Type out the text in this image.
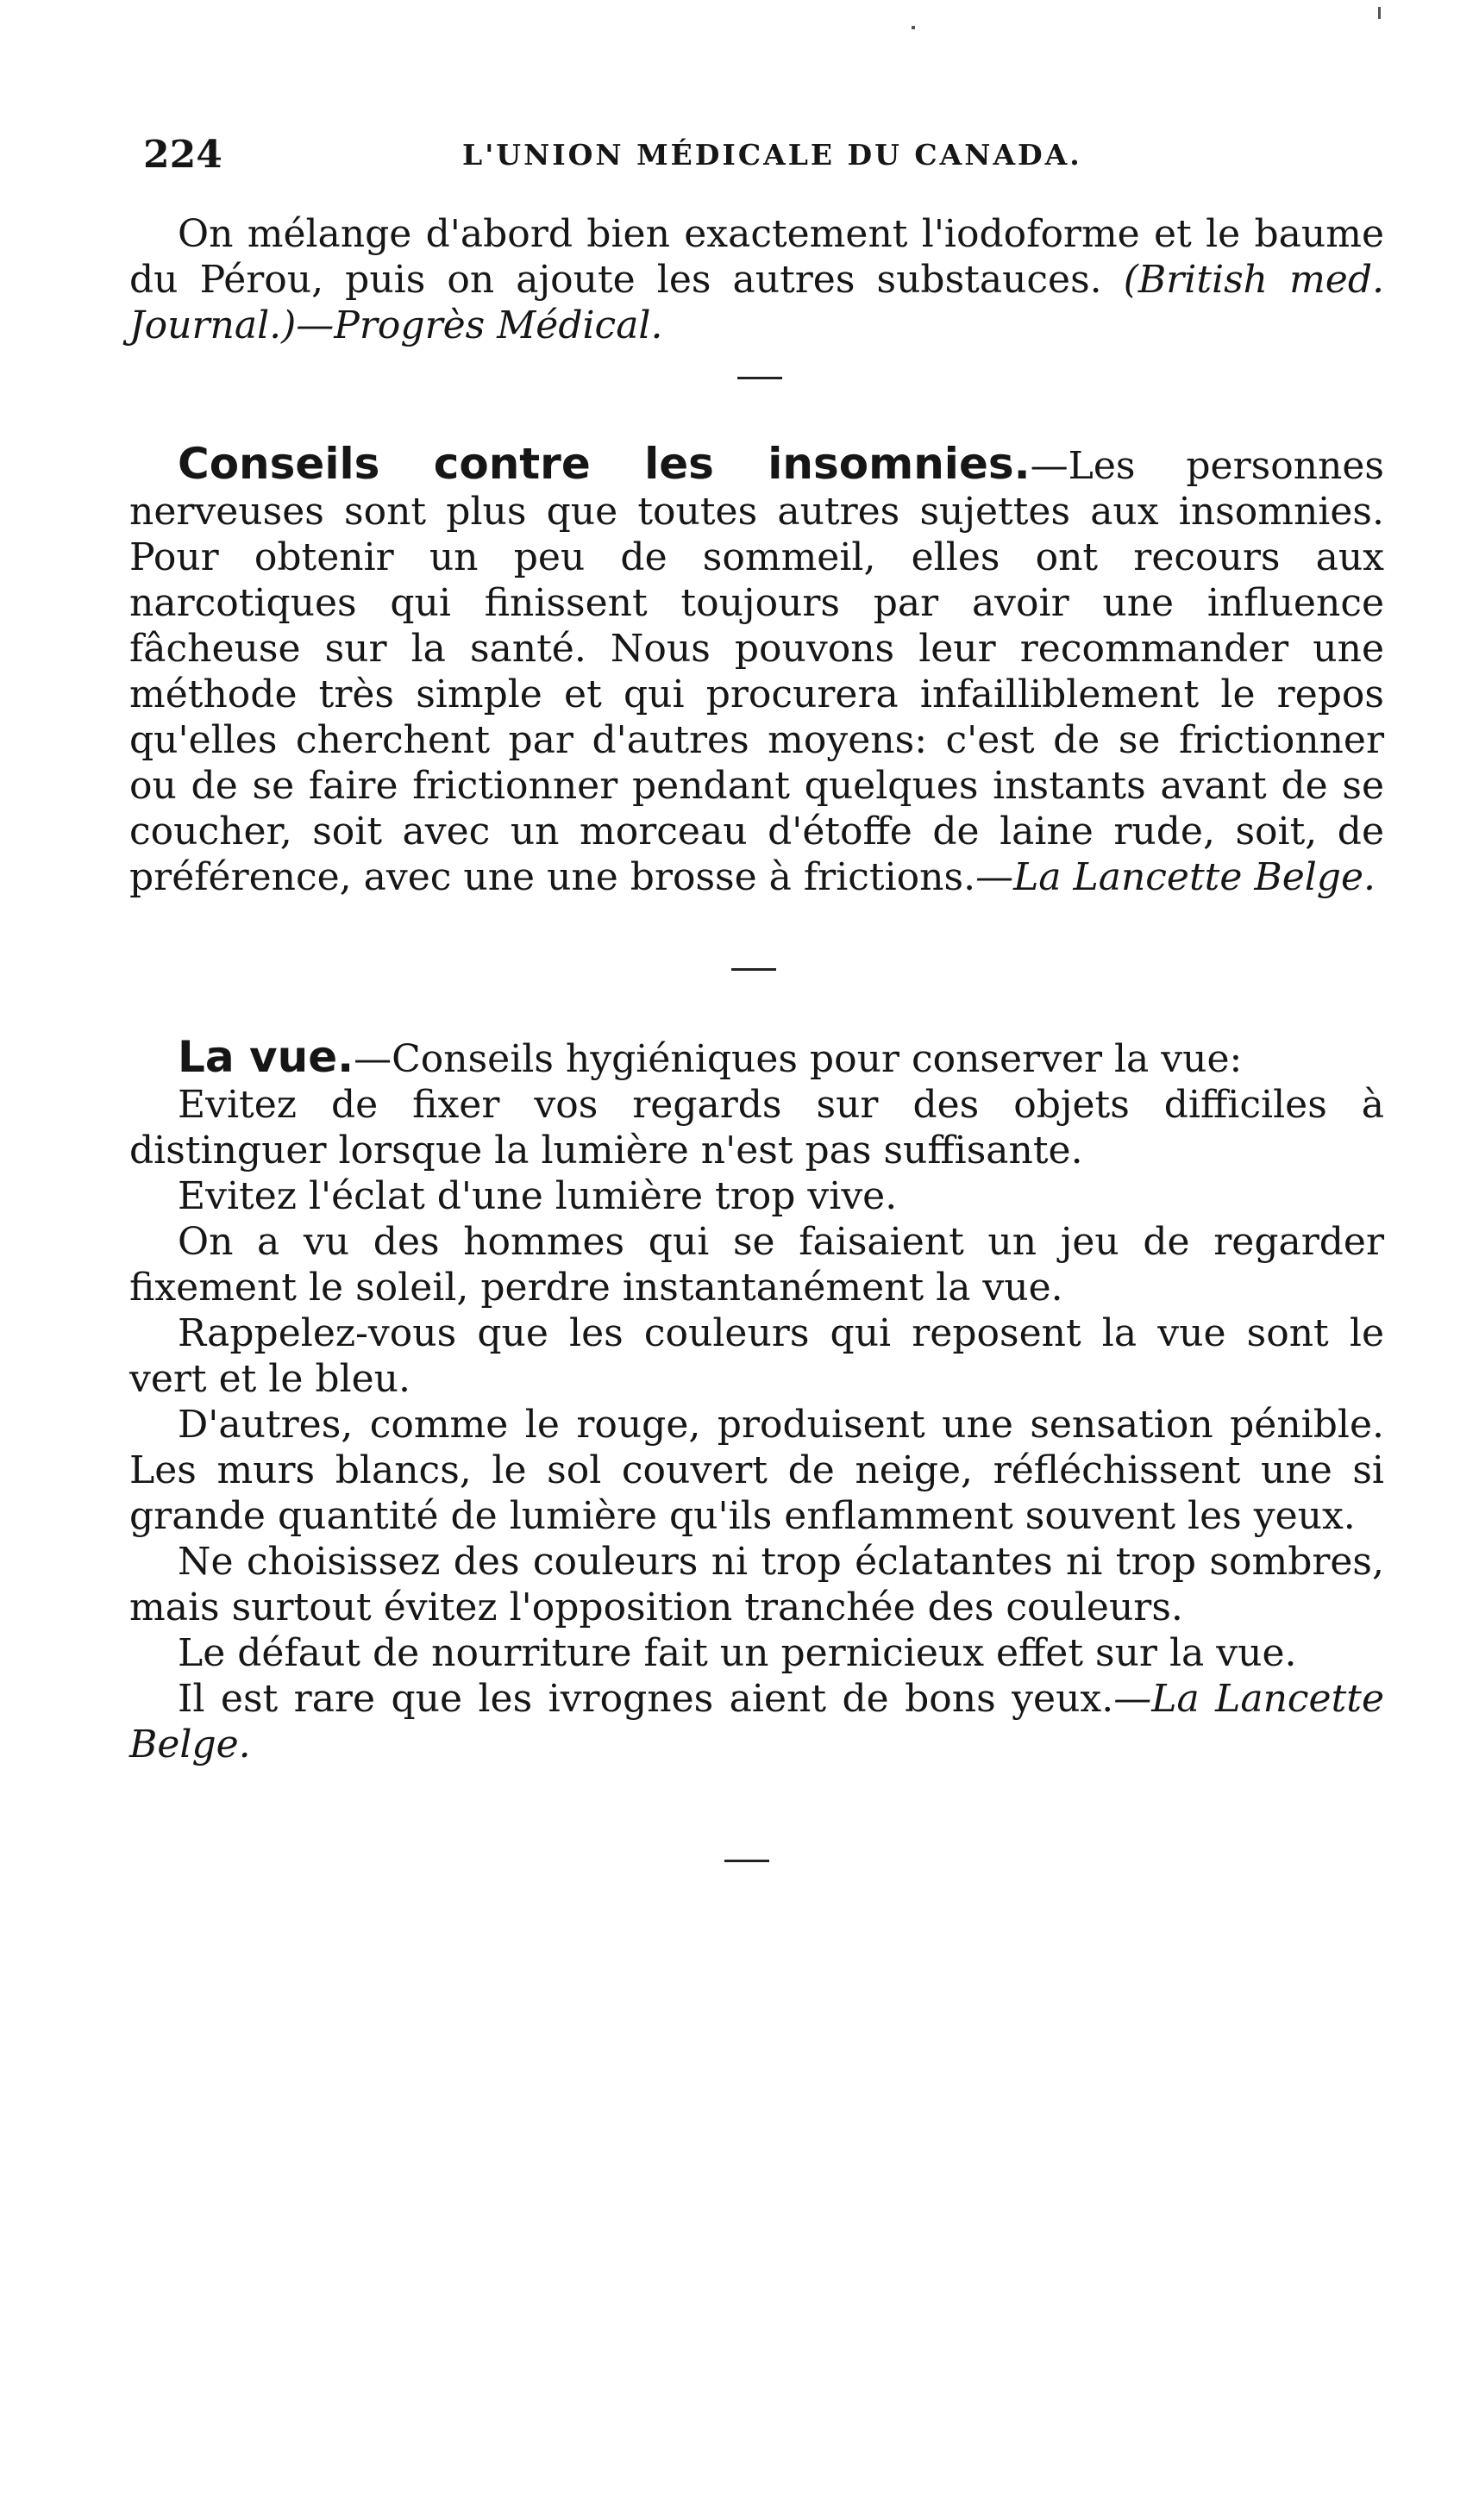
224	L'UNION MÉDICALE DU CANADA.

On mélange d'abord bien exactement l'iodoforme et le baume du Pérou, puis on ajoute les autres substauces. (British med. Journal.)—Progrès Médical.

Conseils contre les insomnies.—Les personnes nerveuses sont plus que toutes autres sujettes aux insomnies. Pour obtenir un peu de sommeil, elles ont recours aux narcotiques qui finissent toujours par avoir une influence fâcheuse sur la santé. Nous pouvons leur recommander une méthode très simple et qui procurera infailliblement le repos qu'elles cherchent par d'autres moyens: c'est de se frictionner ou de se faire frictionner pendant quelques instants avant de se coucher, soit avec un morceau d'étoffe de laine rude, soit, de préférence, avec une une brosse à frictions.—La Lancette Belge.

La vue.—Conseils hygiéniques pour conserver la vue:

Evitez de fixer vos regards sur des objets difficiles à distinguer lorsque la lumière n'est pas suffisante.

Evitez l'éclat d'une lumière trop vive.

On a vu des hommes qui se faisaient un jeu de regarder fixement le soleil, perdre instantanément la vue.

Rappelez-vous que les couleurs qui reposent la vue sont le vert et le bleu.

D'autres, comme le rouge, produisent une sensation pénible. Les murs blancs, le sol couvert de neige, réfléchissent une si grande quantité de lumière qu'ils enflamment souvent les yeux.

Ne choisissez des couleurs ni trop éclatantes ni trop sombres, mais surtout évitez l'opposition tranchée des couleurs.

Le défaut de nourriture fait un pernicieux effet sur la vue.

Il est rare que les ivrognes aient de bons yeux.—La Lancette Belge.
